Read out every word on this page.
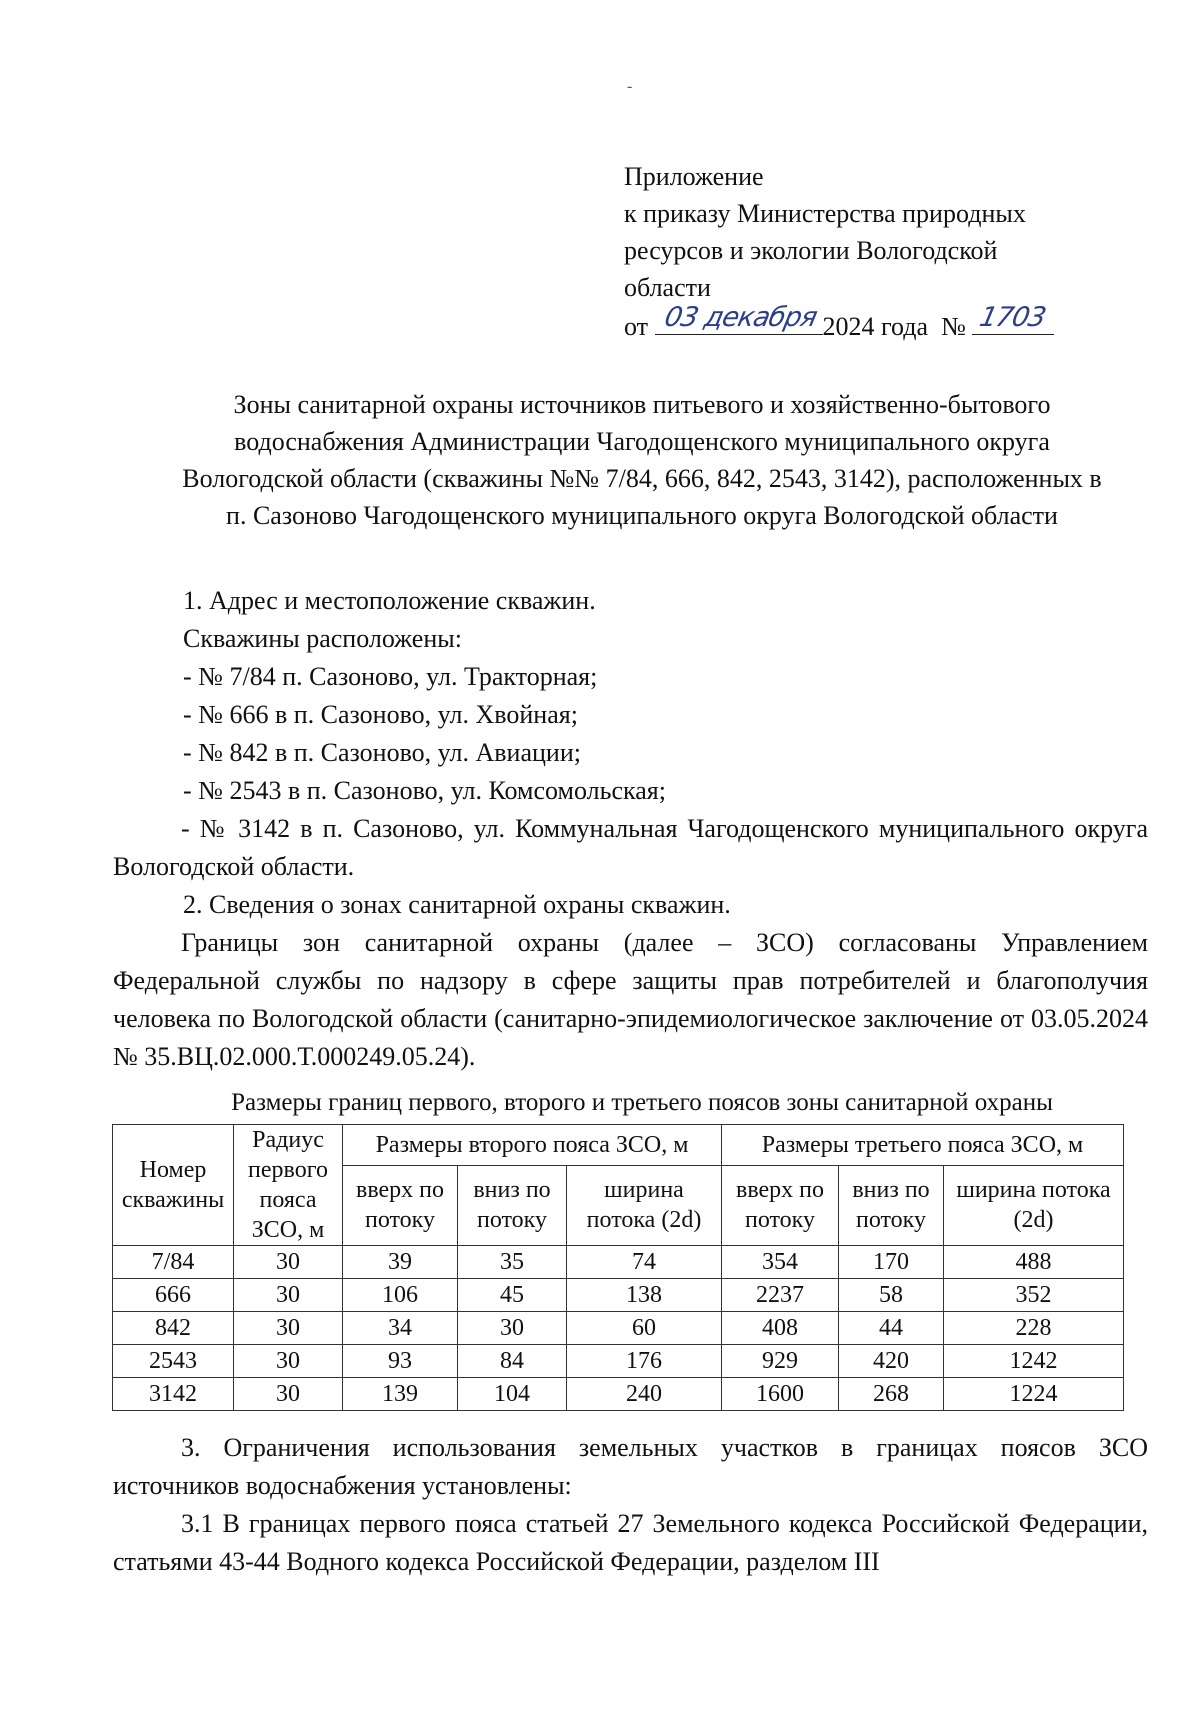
-
Приложение
к приказу Министерства природных
ресурсов и экологии Вологодской
области
от 03 декабря 2024 года № 1703
Зоны санитарной охраны источников питьевого и хозяйственно-бытового
водоснабжения Администрации Чагодощенского муниципального округа
Вологодской области (скважины №№ 7/84, 666, 842, 2543, 3142), расположенных в
п. Сазоново Чагодощенского муниципального округа Вологодской области
1. Адрес и местоположение скважин.
Скважины расположены:
- № 7/84 п. Сазоново, ул. Тракторная;
- № 666 в п. Сазоново, ул. Хвойная;
- № 842 в п. Сазоново, ул. Авиации;
- № 2543 в п. Сазоново, ул. Комсомольская;
- № 3142 в п. Сазоново, ул. Коммунальная Чагодощенского муниципального округа Вологодской области.
2. Сведения о зонах санитарной охраны скважин.
Границы зон санитарной охраны (далее – ЗСО) согласованы Управлением Федеральной службы по надзору в сфере защиты прав потребителей и благополучия человека по Вологодской области (санитарно-эпидемиологическое заключение от 03.05.2024 № 35.ВЦ.02.000.Т.000249.05.24).
Размеры границ первого, второго и третьего поясов зоны санитарной охраны
Номер скважины	Радиус первого пояса ЗСО, м	Размеры второго пояса ЗСО, м			Размеры третьего пояса ЗСО, м		
		вверх по потоку	вниз по потоку	ширина потока (2d)	вверх по потоку	вниз по потоку	ширина потока (2d)
7/84	30	39	35	74	354	170	488
666	30	106	45	138	2237	58	352
842	30	34	30	60	408	44	228
2543	30	93	84	176	929	420	1242
3142	30	139	104	240	1600	268	1224
3. Ограничения использования земельных участков в границах поясов ЗСО источников водоснабжения установлены:
3.1 В границах первого пояса статьей 27 Земельного кодекса Российской Федерации, статьями 43-44 Водного кодекса Российской Федерации, разделом III
